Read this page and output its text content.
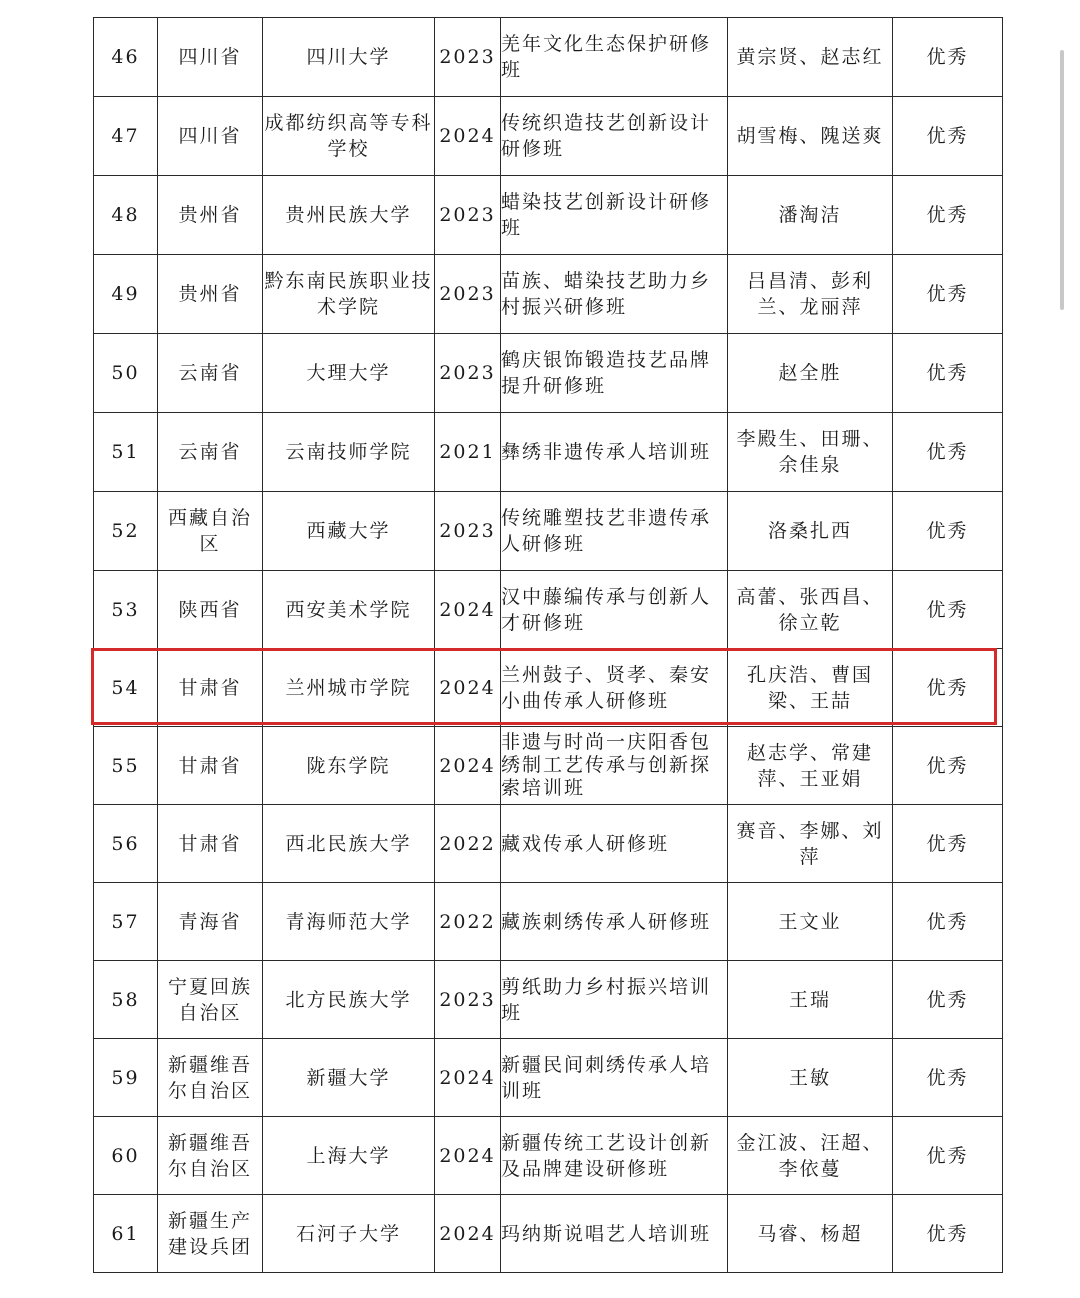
46	四川省	四川大学	2023	羌年文化生态保护研修班	黄宗贤、赵志红	优秀
47	四川省	成都纺织高等专科学校	2024	传统织造技艺创新设计研修班	胡雪梅、隗送爽	优秀
48	贵州省	贵州民族大学	2023	蜡染技艺创新设计研修班	潘淘洁	优秀
49	贵州省	黔东南民族职业技术学院	2023	苗族、蜡染技艺助力乡村振兴研修班	吕昌清、彭利兰、龙丽萍	优秀
50	云南省	大理大学	2023	鹤庆银饰锻造技艺品牌提升研修班	赵全胜	优秀
51	云南省	云南技师学院	2021	彝绣非遗传承人培训班	李殿生、田珊、余佳泉	优秀
52	西藏自治区	西藏大学	2023	传统雕塑技艺非遗传承人研修班	洛桑扎西	优秀
53	陕西省	西安美术学院	2024	汉中藤编传承与创新人才研修班	高蕾、张西昌、徐立乾	优秀
54	甘肃省	兰州城市学院	2024	兰州鼓子、贤孝、秦安小曲传承人研修班	孔庆浩、曹国梁、王喆	优秀
55	甘肃省	陇东学院	2024	非遗与时尚一庆阳香包绣制工艺传承与创新探索培训班	赵志学、常建萍、王亚娟	优秀
56	甘肃省	西北民族大学	2022	藏戏传承人研修班	赛音、李娜、刘萍	优秀
57	青海省	青海师范大学	2022	藏族刺绣传承人研修班	王文业	优秀
58	宁夏回族自治区	北方民族大学	2023	剪纸助力乡村振兴培训班	王瑞	优秀
59	新疆维吾尔自治区	新疆大学	2024	新疆民间刺绣传承人培训班	王敏	优秀
60	新疆维吾尔自治区	上海大学	2024	新疆传统工艺设计创新及品牌建设研修班	金江波、汪超、李依蔓	优秀
61	新疆生产建设兵团	石河子大学	2024	玛纳斯说唱艺人培训班	马睿、杨超	优秀
